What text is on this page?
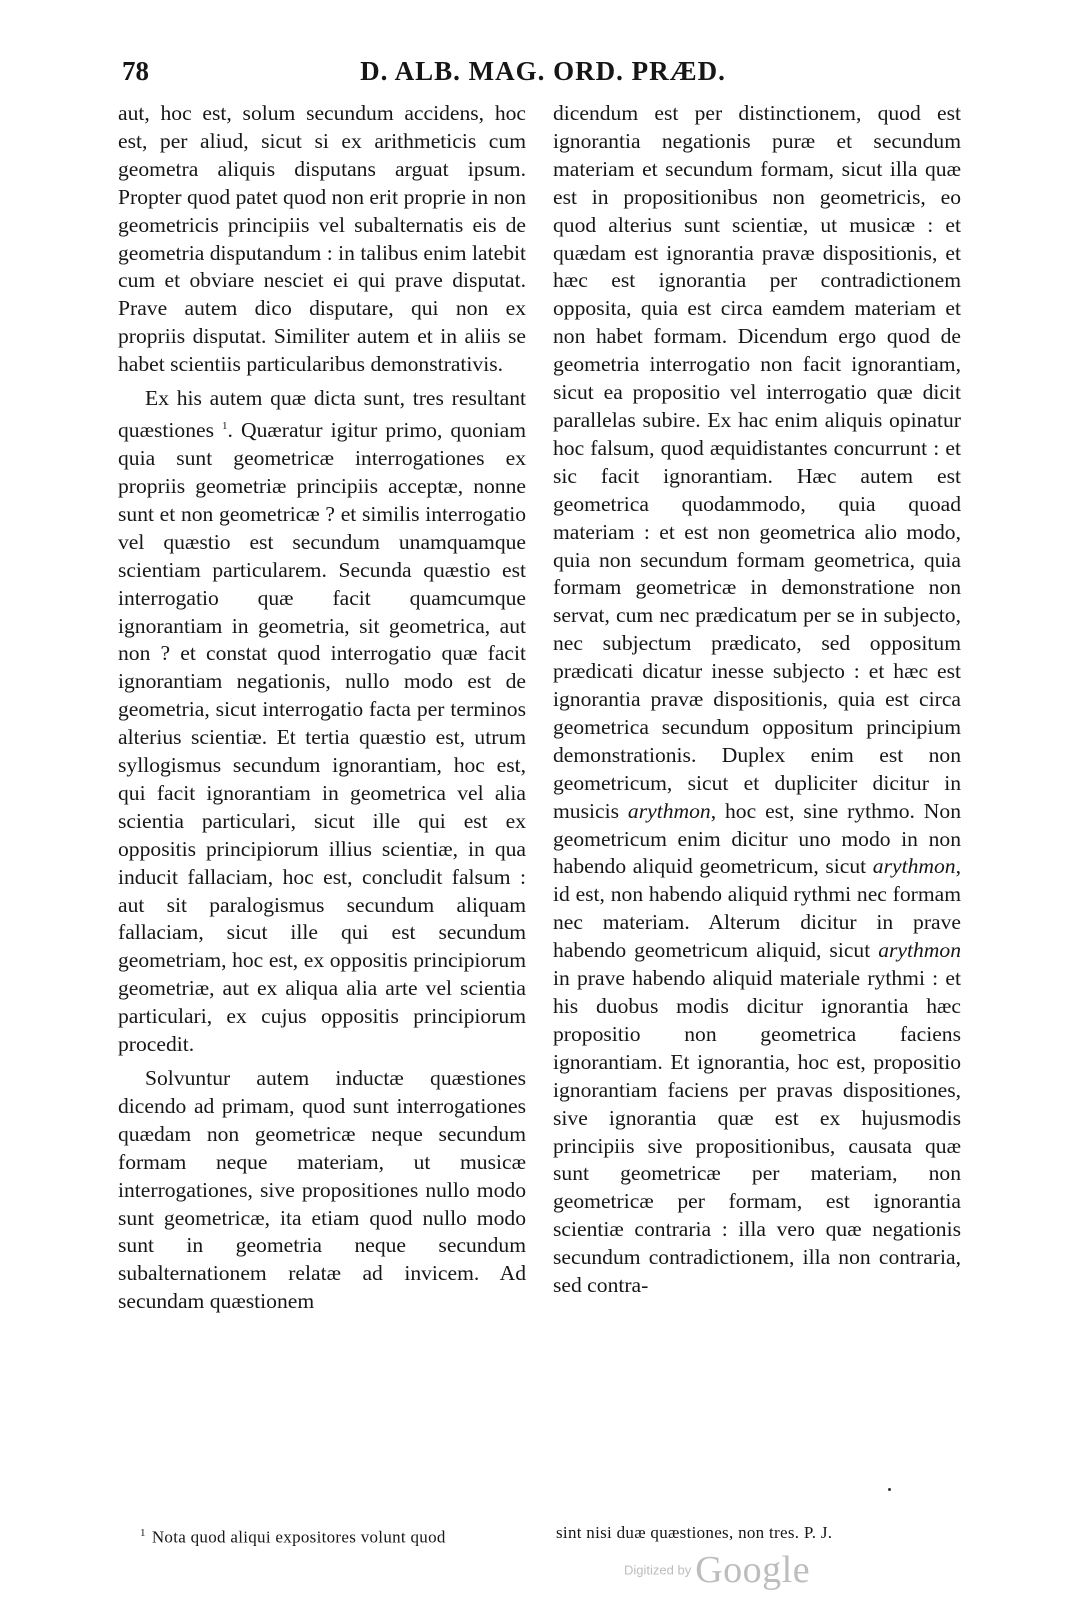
78	D. ALB. MAG. ORD. PRÆD.

aut, hoc est, solum secundum accidens, hoc est, per aliud, sicut si ex arithmeticis cum geometra aliquis disputans arguat ipsum. Propter quod patet quod non erit proprie in non geometricis principiis vel subalternatis eis de geometria disputandum : in talibus enim latebit cum et obviare nesciet ei qui prave disputat. Prave autem dico disputare, qui non ex propriis disputat. Similiter autem et in aliis se habet scientiis particularibus demonstrativis.

Ex his autem quæ dicta sunt, tres resultant quæstiones $^1$. Quæratur igitur primo, quoniam quia sunt geometricæ interrogationes ex propriis geometriæ principiis acceptæ, nonne sunt et non geometricæ ? et similis interrogatio vel quæstio est secundum unamquamque scientiam particularem. Secunda quæstio est interrogatio quæ facit quamcumque ignorantiam in geometria, sit geometrica, aut non ? et constat quod interrogatio quæ facit ignorantiam negationis, nullo modo est de geometria, sicut interrogatio facta per terminos alterius scientiæ. Et tertia quæstio est, utrum syllogismus secundum ignorantiam, hoc est, qui facit ignorantiam in geometrica vel alia scientia particulari, sicut ille qui est ex oppositis principiorum illius scientiæ, in qua inducit fallaciam, hoc est, concludit falsum : aut sit paralogismus secundum aliquam fallaciam, sicut ille qui est secundum geometriam, hoc est, ex oppositis principiorum geometriæ, aut ex aliqua alia arte vel scientia particulari, ex cujus oppositis principiorum procedit.

Solvuntur autem inductæ quæstiones dicendo ad primam, quod sunt interrogationes quædam non geometricæ neque secundum formam neque materiam, ut musicæ interrogationes, sive propositiones nullo modo sunt geometricæ, ita etiam quod nullo modo sunt in geometria neque secundum subalternationem relatæ ad invicem. Ad secundam quæstionem

dicendum est per distinctionem, quod est ignorantia negationis puræ et secundum materiam et secundum formam, sicut illa quæ est in propositionibus non geometricis, eo quod alterius sunt scientiæ, ut musicæ : et quædam est ignorantia pravæ dispositionis, et hæc est ignorantia per contradictionem opposita, quia est circa eamdem materiam et non habet formam. Dicendum ergo quod de geometria interrogatio non facit ignorantiam, sicut ea propositio vel interrogatio quæ dicit parallelas subire. Ex hac enim aliquis opinatur hoc falsum, quod æquidistantes concurrunt : et sic facit ignorantiam. Hæc autem est geometrica quodammodo, quia quoad materiam : et est non geometrica alio modo, quia non secundum formam geometrica, quia formam geometricæ in demonstratione non servat, cum nec prædicatum per se in subjecto, nec subjectum prædicato, sed oppositum prædicati dicatur inesse subjecto : et hæc est ignorantia pravæ dispositionis, quia est circa geometrica secundum oppositum principium demonstrationis. Duplex enim est non geometricum, sicut et dupliciter dicitur in musicis arythmon, hoc est, sine rythmo. Non geometricum enim dicitur uno modo in non habendo aliquid geometricum, sicut arythmon, id est, non habendo aliquid rythmi nec formam nec materiam. Alterum dicitur in prave habendo geometricum aliquid, sicut arythmon in prave habendo aliquid materiale rythmi : et his duobus modis dicitur ignorantia hæc propositio non geometrica faciens ignorantiam. Et ignorantia, hoc est, propositio ignorantiam faciens per pravas dispositiones, sive ignorantia quæ est ex hujusmodis principiis sive propositionibus, causata quæ sunt geometricæ per materiam, non geometricæ per formam, est ignorantia scientiæ contraria : illa vero quæ negationis secundum contradictionem, illa non contraria, sed contra-

$^1$ Nota quod aliqui expositores volunt quod	sint nisi duæ quæstiones, non tres. P. J.
Digitized by Google
